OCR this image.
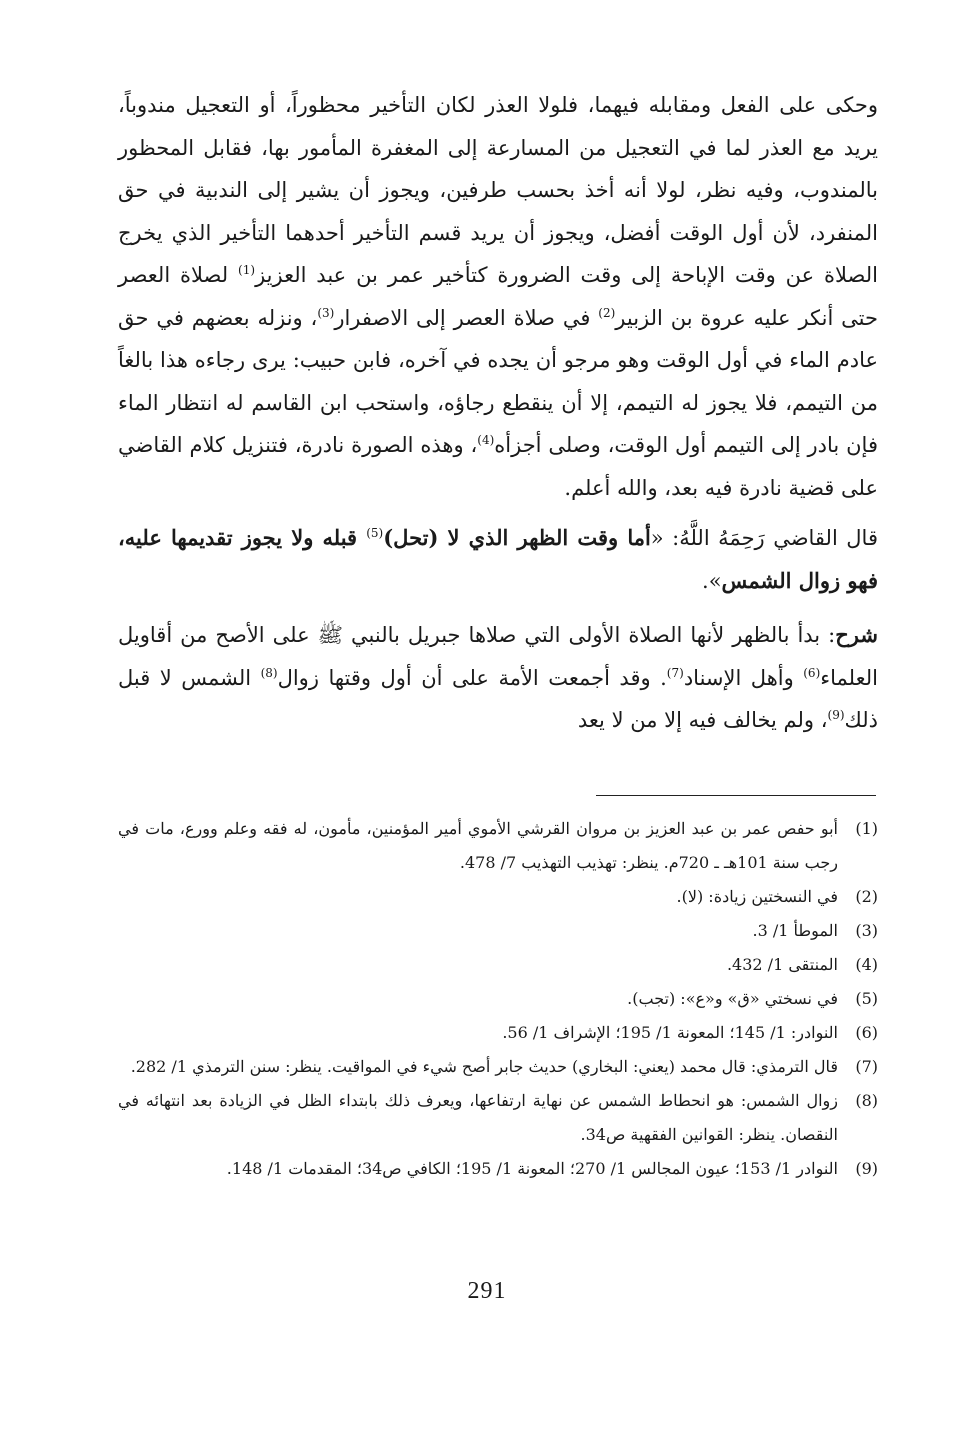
وحكى على الفعل ومقابله فيهما، فلولا العذر لكان التأخير محظوراً، أو التعجيل مندوباً، يريد مع العذر لما في التعجيل من المسارعة إلى المغفرة المأمور بها، فقابل المحظور بالمندوب، وفيه نظر، لولا أنه أخذ بحسب طرفين، ويجوز أن يشير إلى الندبية في حق المنفرد، لأن أول الوقت أفضل، ويجوز أن يريد قسم التأخير أحدهما التأخير الذي يخرج الصلاة عن وقت الإباحة إلى وقت الضرورة كتأخير عمر بن عبد العزيز$^{(1)}$ لصلاة العصر حتى أنكر عليه عروة بن الزبير$^{(2)}$ في صلاة العصر إلى الاصفرار$^{(3)}$، ونزله بعضهم في حق عادم الماء في أول الوقت وهو مرجو أن يجده في آخره، فابن حبيب: يرى رجاءه هذا بالغاً من التيمم، فلا يجوز له التيمم، إلا أن ينقطع رجاؤه، واستحب ابن القاسم له انتظار الماء فإن بادر إلى التيمم أول الوقت، وصلى أجزأه$^{(4)}$، وهذه الصورة نادرة، فتنزيل كلام القاضي على قضية نادرة فيه بعد، والله أعلم.

قال القاضي رَحِمَهُ اللَّهُ: «أما وقت الظهر الذي لا (تحل)$^{(5)}$ قبله ولا يجوز تقديمها عليه، فهو زوال الشمس».

شرح: بدأ بالظهر لأنها الصلاة الأولى التي صلاها جبريل بالنبي ﷺ على الأصح من أقاويل العلماء$^{(6)}$ وأهل الإسناد$^{(7)}$. وقد أجمعت الأمة على أن أول وقتها زوال$^{(8)}$ الشمس لا قبل ذلك$^{(9)}$، ولم يخالف فيه إلا من لا يعد

(1)
أبو حفص عمر بن عبد العزيز بن مروان القرشي الأموي أمير المؤمنين، مأمون، له فقه وعلم وورع، مات في رجب سنة 101هـ ـ 720م. ينظر: تهذيب التهذيب 7/ 478.
(2)
في النسختين زيادة: (لا).
(3)
الموطأ 1/ 3.
(4)
المنتقى 1/ 432.
(5)
في نسختي «ق» و«ع»: (تجب).
(6)
النوادر: 1/ 145؛ المعونة 1/ 195؛ الإشراف 1/ 56.
(7)
قال الترمذي: قال محمد (يعني: البخاري) حديث جابر أصح شيء في المواقيت. ينظر: سنن الترمذي 1/ 282.
(8)
زوال الشمس: هو انحطاط الشمس عن نهاية ارتفاعها، ويعرف ذلك بابتداء الظل في الزيادة بعد انتهائه في النقصان. ينظر: القوانين الفقهية ص34.
(9)
النوادر 1/ 153؛ عيون المجالس 1/ 270؛ المعونة 1/ 195؛ الكافي ص34؛ المقدمات 1/ 148.
291
